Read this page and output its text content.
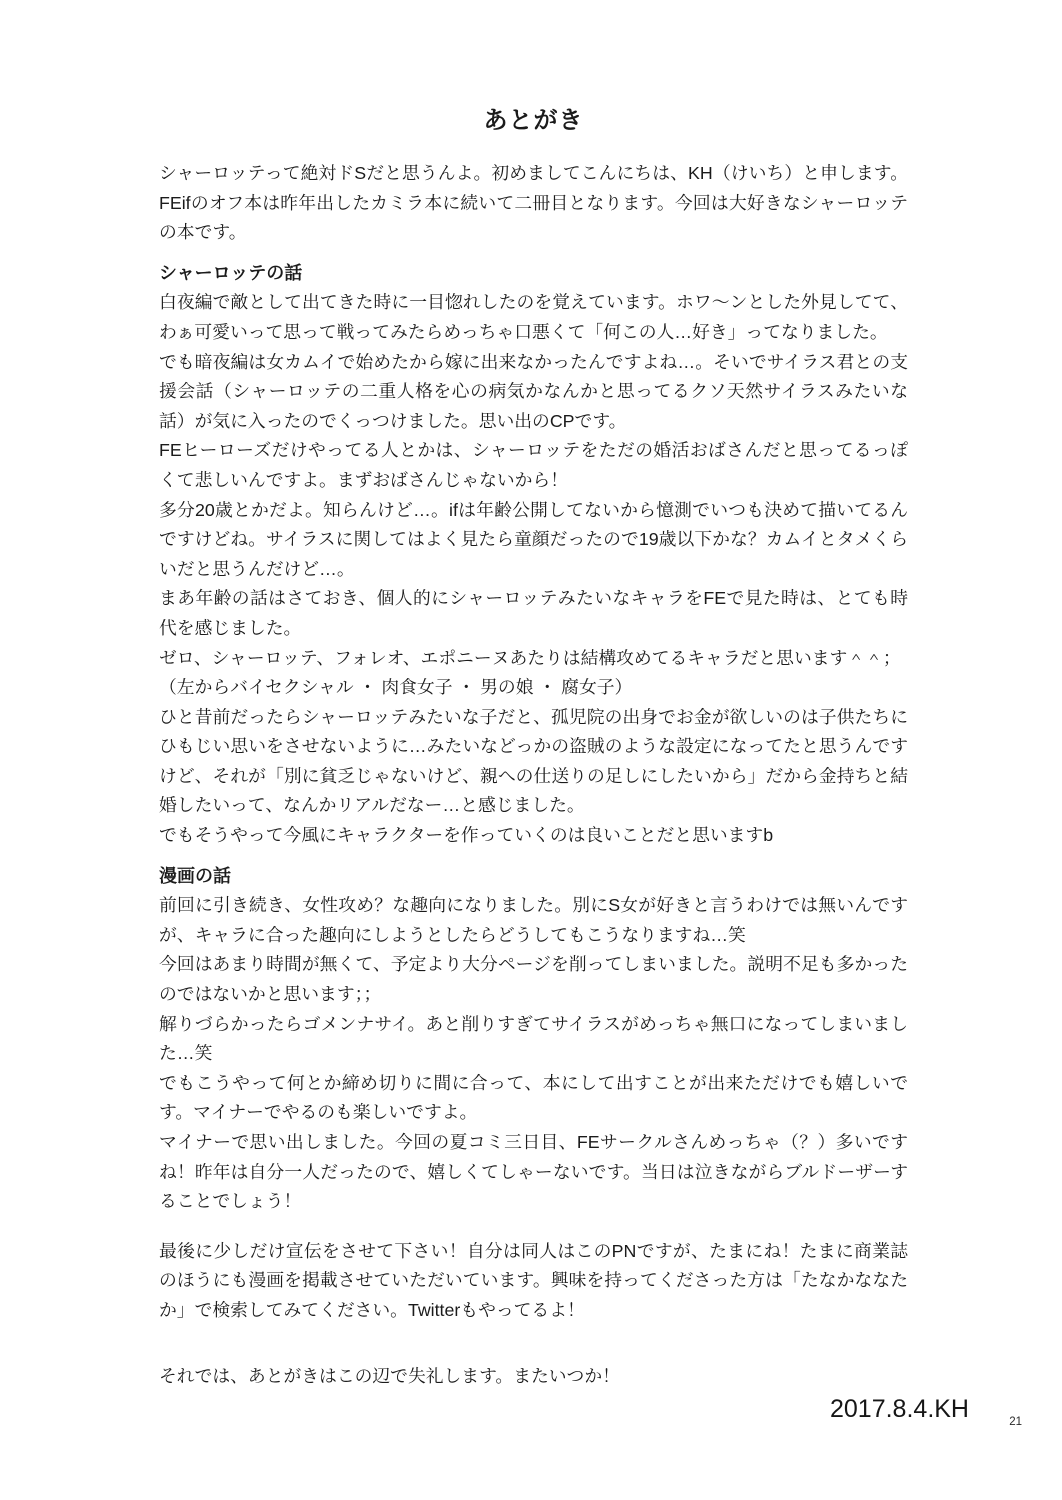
あとがき

シャーロッテって絶対ドSだと思うんよ。初めましてこんにちは、KH（けいち）と申します。FEifのオフ本は昨年出したカミラ本に続いて二冊目となります。今回は大好きなシャーロッテの本です。

シャーロッテの話

白夜編で敵として出てきた時に一目惚れしたのを覚えています。ホワ〜ンとした外見してて、わぁ可愛いって思って戦ってみたらめっちゃ口悪くて「何この人…好き」ってなりました。

でも暗夜編は女カムイで始めたから嫁に出来なかったんですよね…。そいでサイラス君との支援会話（シャーロッテの二重人格を心の病気かなんかと思ってるクソ天然サイラスみたいな話）が気に入ったのでくっつけました。思い出のCPです。

FEヒーローズだけやってる人とかは、シャーロッテをただの婚活おばさんだと思ってるっぽくて悲しいんですよ。まずおばさんじゃないから！

多分20歳とかだよ。知らんけど…。ifは年齢公開してないから憶測でいつも決めて描いてるんですけどね。サイラスに関してはよく見たら童顔だったので19歳以下かな？カムイとタメくらいだと思うんだけど…。

まあ年齢の話はさておき、個人的にシャーロッテみたいなキャラをFEで見た時は、とても時代を感じました。

ゼロ、シャーロッテ、フォレオ、エポニーヌあたりは結構攻めてるキャラだと思います＾＾；

（左からバイセクシャル ・ 肉食女子 ・ 男の娘 ・ 腐女子）

ひと昔前だったらシャーロッテみたいな子だと、孤児院の出身でお金が欲しいのは子供たちにひもじい思いをさせないように…みたいなどっかの盗賊のような設定になってたと思うんですけど、それが「別に貧乏じゃないけど、親への仕送りの足しにしたいから」だから金持ちと結婚したいって、なんかリアルだなー…と感じました。

でもそうやって今風にキャラクターを作っていくのは良いことだと思いますb

漫画の話

前回に引き続き、女性攻め？な趣向になりました。別にS女が好きと言うわけでは無いんですが、キャラに合った趣向にしようとしたらどうしてもこうなりますね…笑

今回はあまり時間が無くて、予定より大分ページを削ってしまいました。説明不足も多かったのではないかと思います；；

解りづらかったらゴメンナサイ。あと削りすぎてサイラスがめっちゃ無口になってしまいました…笑

でもこうやって何とか締め切りに間に合って、本にして出すことが出来ただけでも嬉しいです。マイナーでやるのも楽しいですよ。

マイナーで思い出しました。今回の夏コミ三日目、FEサークルさんめっちゃ（？）多いですね！昨年は自分一人だったので、嬉しくてしゃーないです。当日は泣きながらブルドーザーすることでしょう！

最後に少しだけ宣伝をさせて下さい！自分は同人はこのPNですが、たまにね！たまに商業誌のほうにも漫画を掲載させていただいています。興味を持ってくださった方は「たなかななたか」で検索してみてください。Twitterもやってるよ！

それでは、あとがきはこの辺で失礼します。またいつか！

2017.8.4.KH	21
